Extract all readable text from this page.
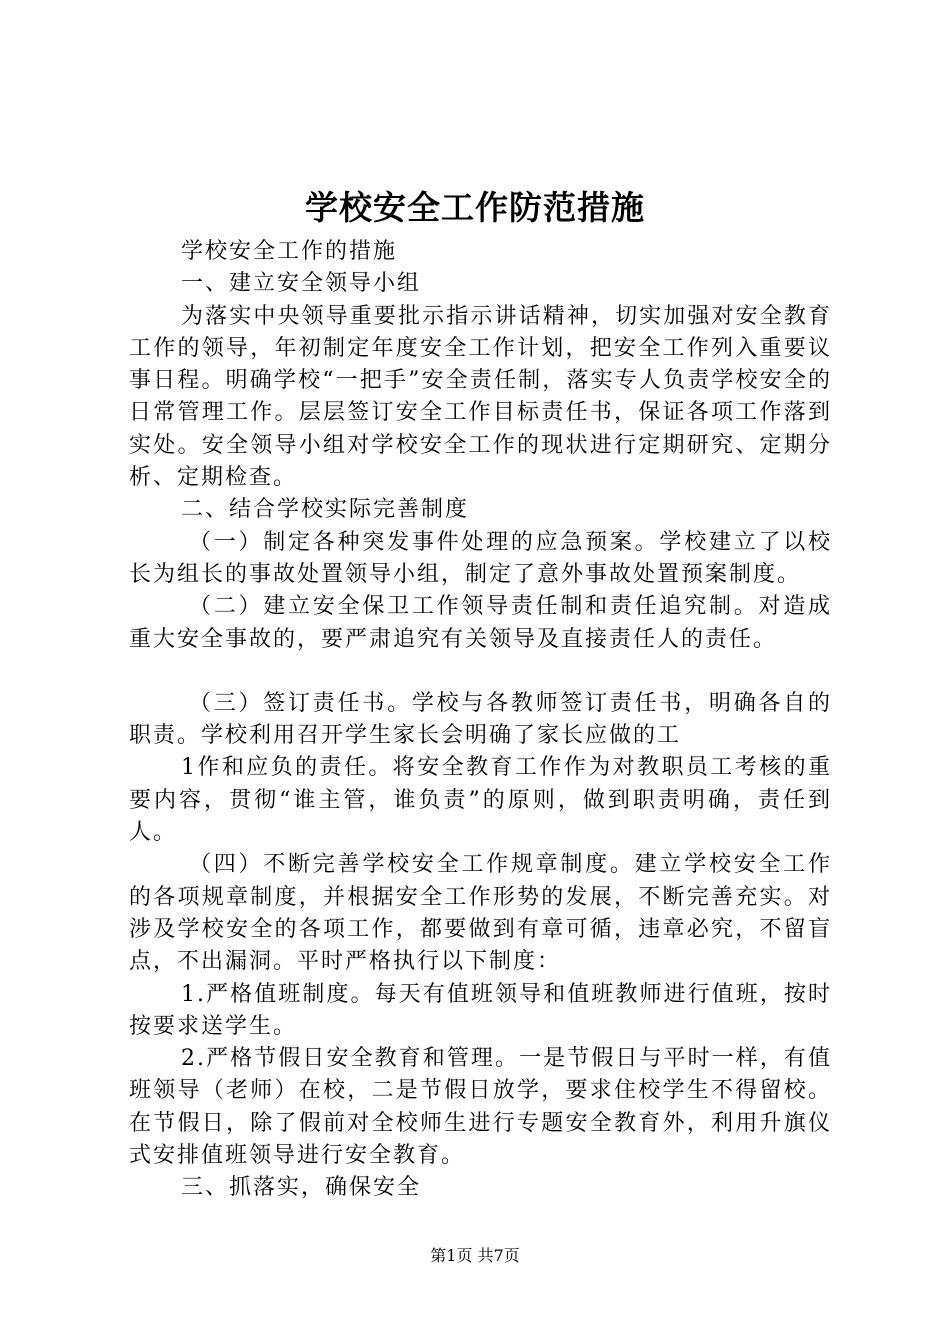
学校安全工作防范措施

学校安全工作的措施

一、建立安全领导小组

为落实中央领导重要批示指示讲话精神，切实加强对安全教育工作的领导，年初制定年度安全工作计划，把安全工作列入重要议事日程。明确学校“一把手”安全责任制，落实专人负责学校安全的日常管理工作。层层签订安全工作目标责任书，保证各项工作落到实处。安全领导小组对学校安全工作的现状进行定期研究、定期分析、定期检查。

二、结合学校实际完善制度

（一）制定各种突发事件处理的应急预案。学校建立了以校长为组长的事故处置领导小组，制定了意外事故处置预案制度。

（二）建立安全保卫工作领导责任制和责任追究制。对造成重大安全事故的，要严肃追究有关领导及直接责任人的责任。

（三）签订责任书。学校与各教师签订责任书，明确各自的职责。学校利用召开学生家长会明确了家长应做的工

1作和应负的责任。将安全教育工作作为对教职员工考核的重要内容，贯彻“谁主管，谁负责”的原则，做到职责明确，责任到人。

（四）不断完善学校安全工作规章制度。建立学校安全工作的各项规章制度，并根据安全工作形势的发展，不断完善充实。对涉及学校安全的各项工作，都要做到有章可循，违章必究，不留盲点，不出漏洞。平时严格执行以下制度：

1.严格值班制度。每天有值班领导和值班教师进行值班，按时按要求送学生。

2.严格节假日安全教育和管理。一是节假日与平时一样，有值班领导（老师）在校，二是节假日放学，要求住校学生不得留校。在节假日，除了假前对全校师生进行专题安全教育外，利用升旗仪式安排值班领导进行安全教育。

三、抓落实，确保安全

第1页 共7页
